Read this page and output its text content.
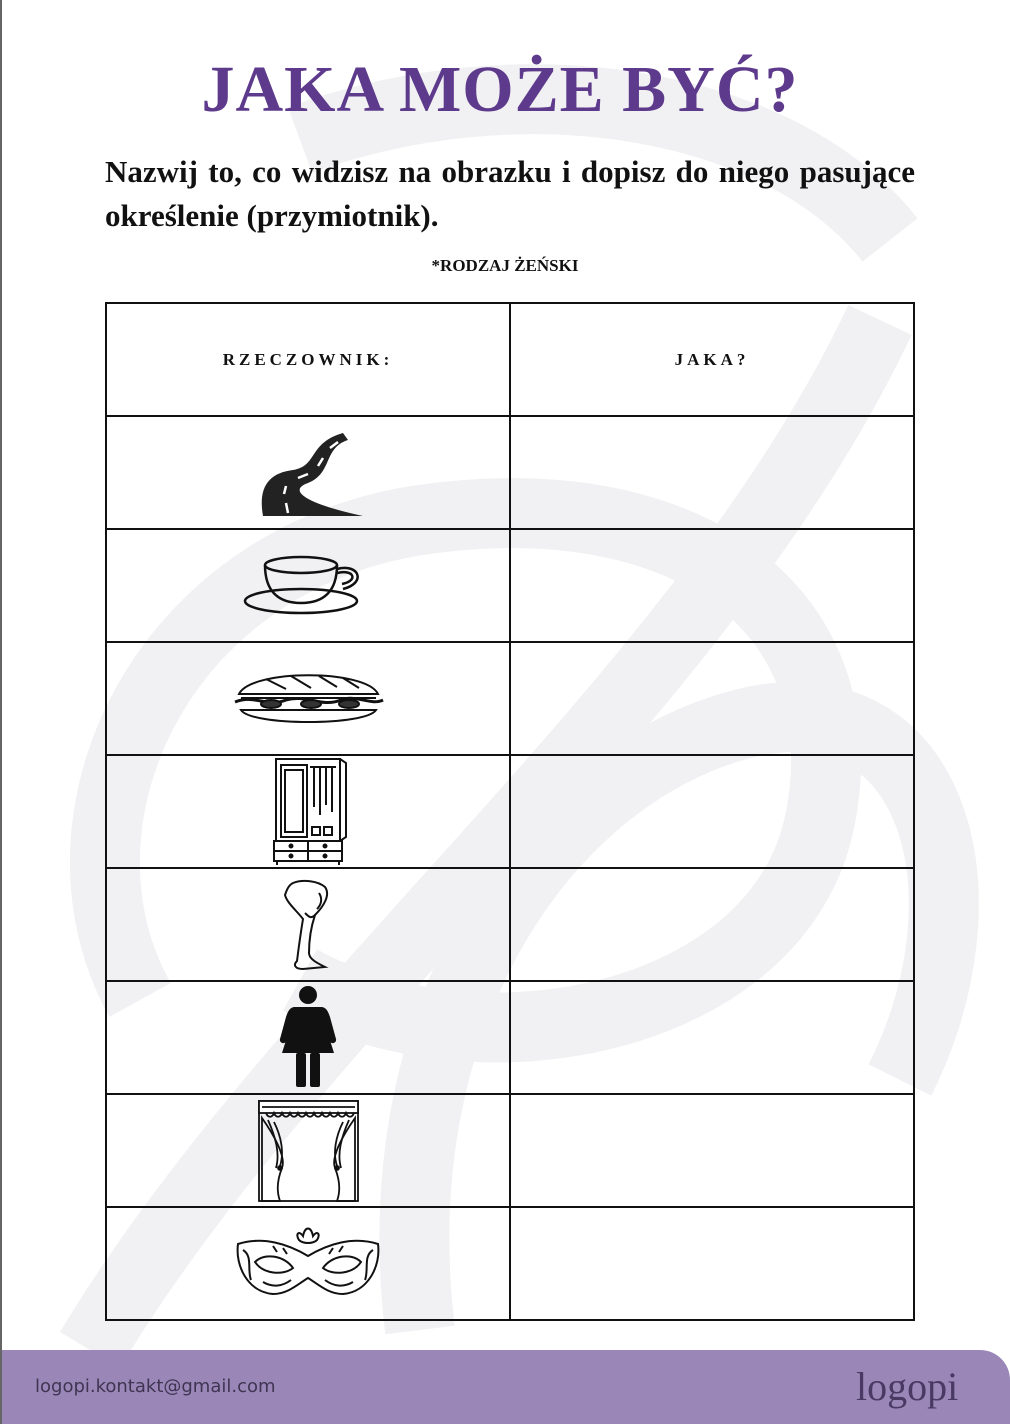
JAKA MOŻE BYĆ?

Nazwij to, co widzisz na obrazku i dopisz do niego pasujące określenie (przymiotnik).

*RODZAJ ŻEŃSKI
RZECZOWNIK:	JAKA?

logopi.kontakt@gmail.com	logopi
